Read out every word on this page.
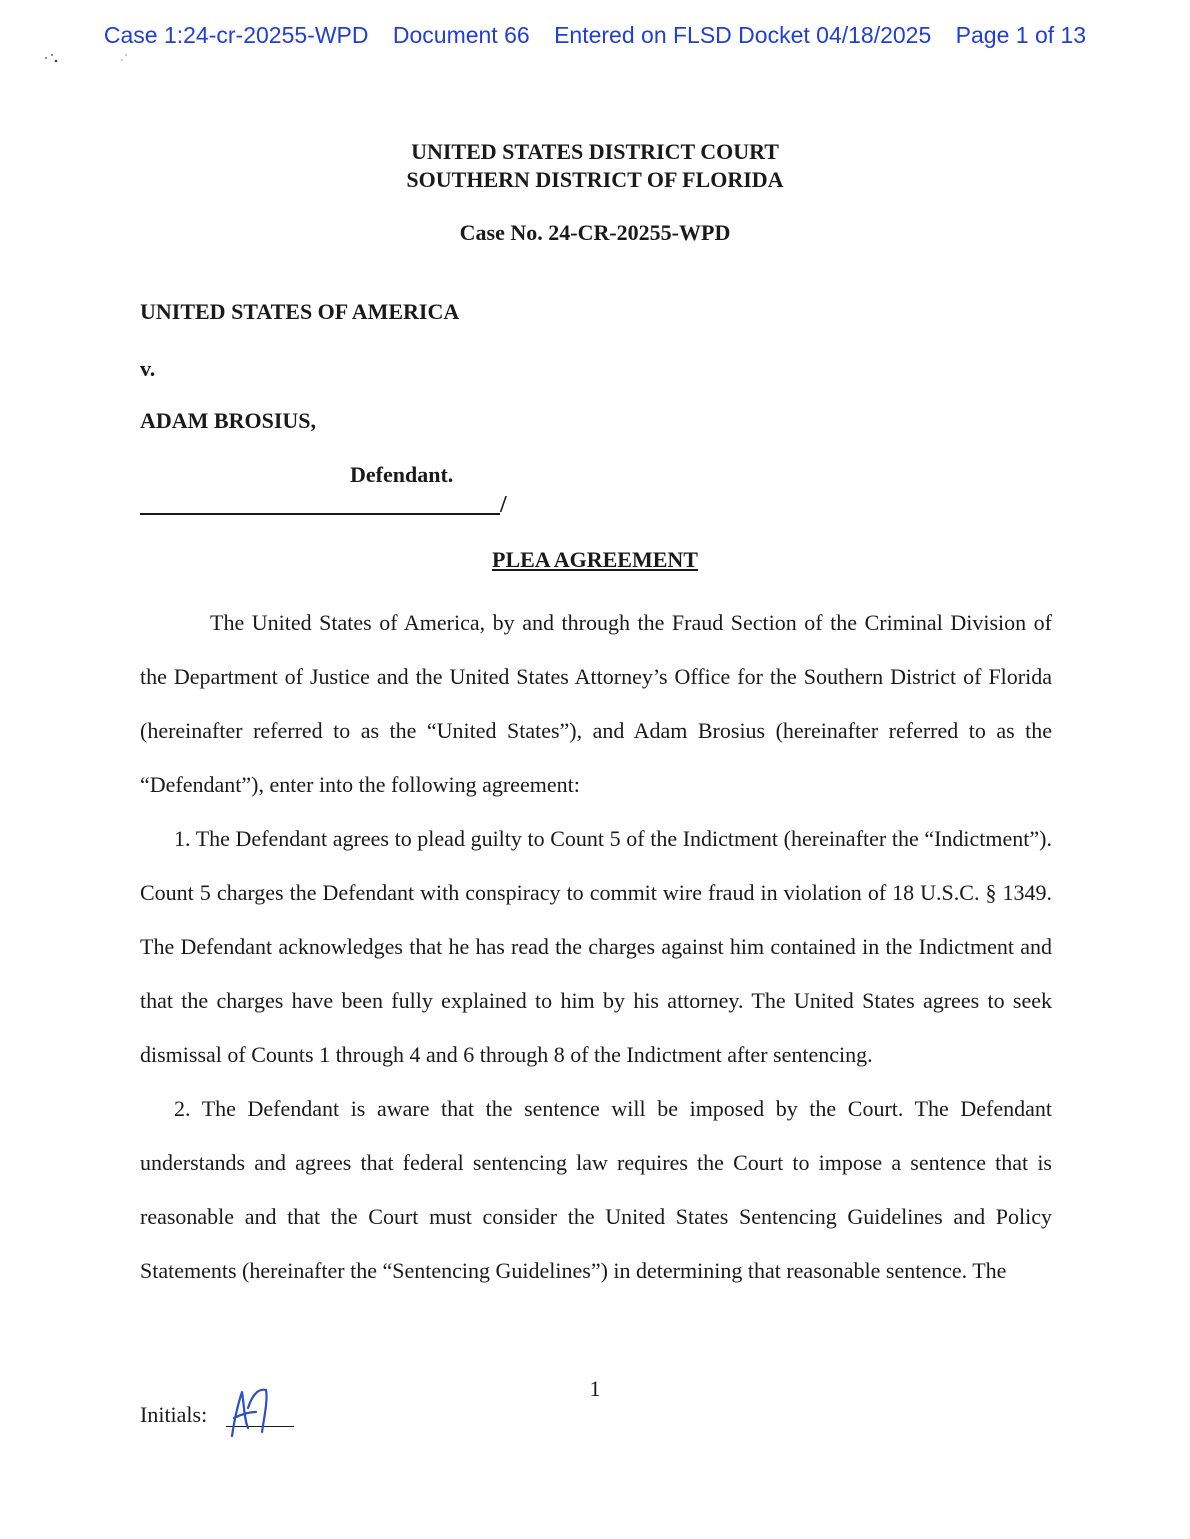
Case 1:24-cr-20255-WPD Document 66 Entered on FLSD Docket 04/18/2025 Page 1 of 13
UNITED STATES DISTRICT COURT
SOUTHERN DISTRICT OF FLORIDA
Case No. 24-CR-20255-WPD
UNITED STATES OF AMERICA
v.
ADAM BROSIUS,
Defendant.
/
PLEA AGREEMENT

The United States of America, by and through the Fraud Section of the Criminal Division of the Department of Justice and the United States Attorney’s Office for the Southern District of Florida (hereinafter referred to as the “United States”), and Adam Brosius (hereinafter referred to as the “Defendant”), enter into the following agreement:

1. The Defendant agrees to plead guilty to Count 5 of the Indictment (hereinafter the “Indictment”). Count 5 charges the Defendant with conspiracy to commit wire fraud in violation of 18 U.S.C. § 1349. The Defendant acknowledges that he has read the charges against him contained in the Indictment and that the charges have been fully explained to him by his attorney. The United States agrees to seek dismissal of Counts 1 through 4 and 6 through 8 of the Indictment after sentencing.

2. The Defendant is aware that the sentence will be imposed by the Court. The Defendant understands and agrees that federal sentencing law requires the Court to impose a sentence that is reasonable and that the Court must consider the United States Sentencing Guidelines and Policy Statements (hereinafter the “Sentencing Guidelines”) in determining that reasonable sentence. The

1
Initials:
